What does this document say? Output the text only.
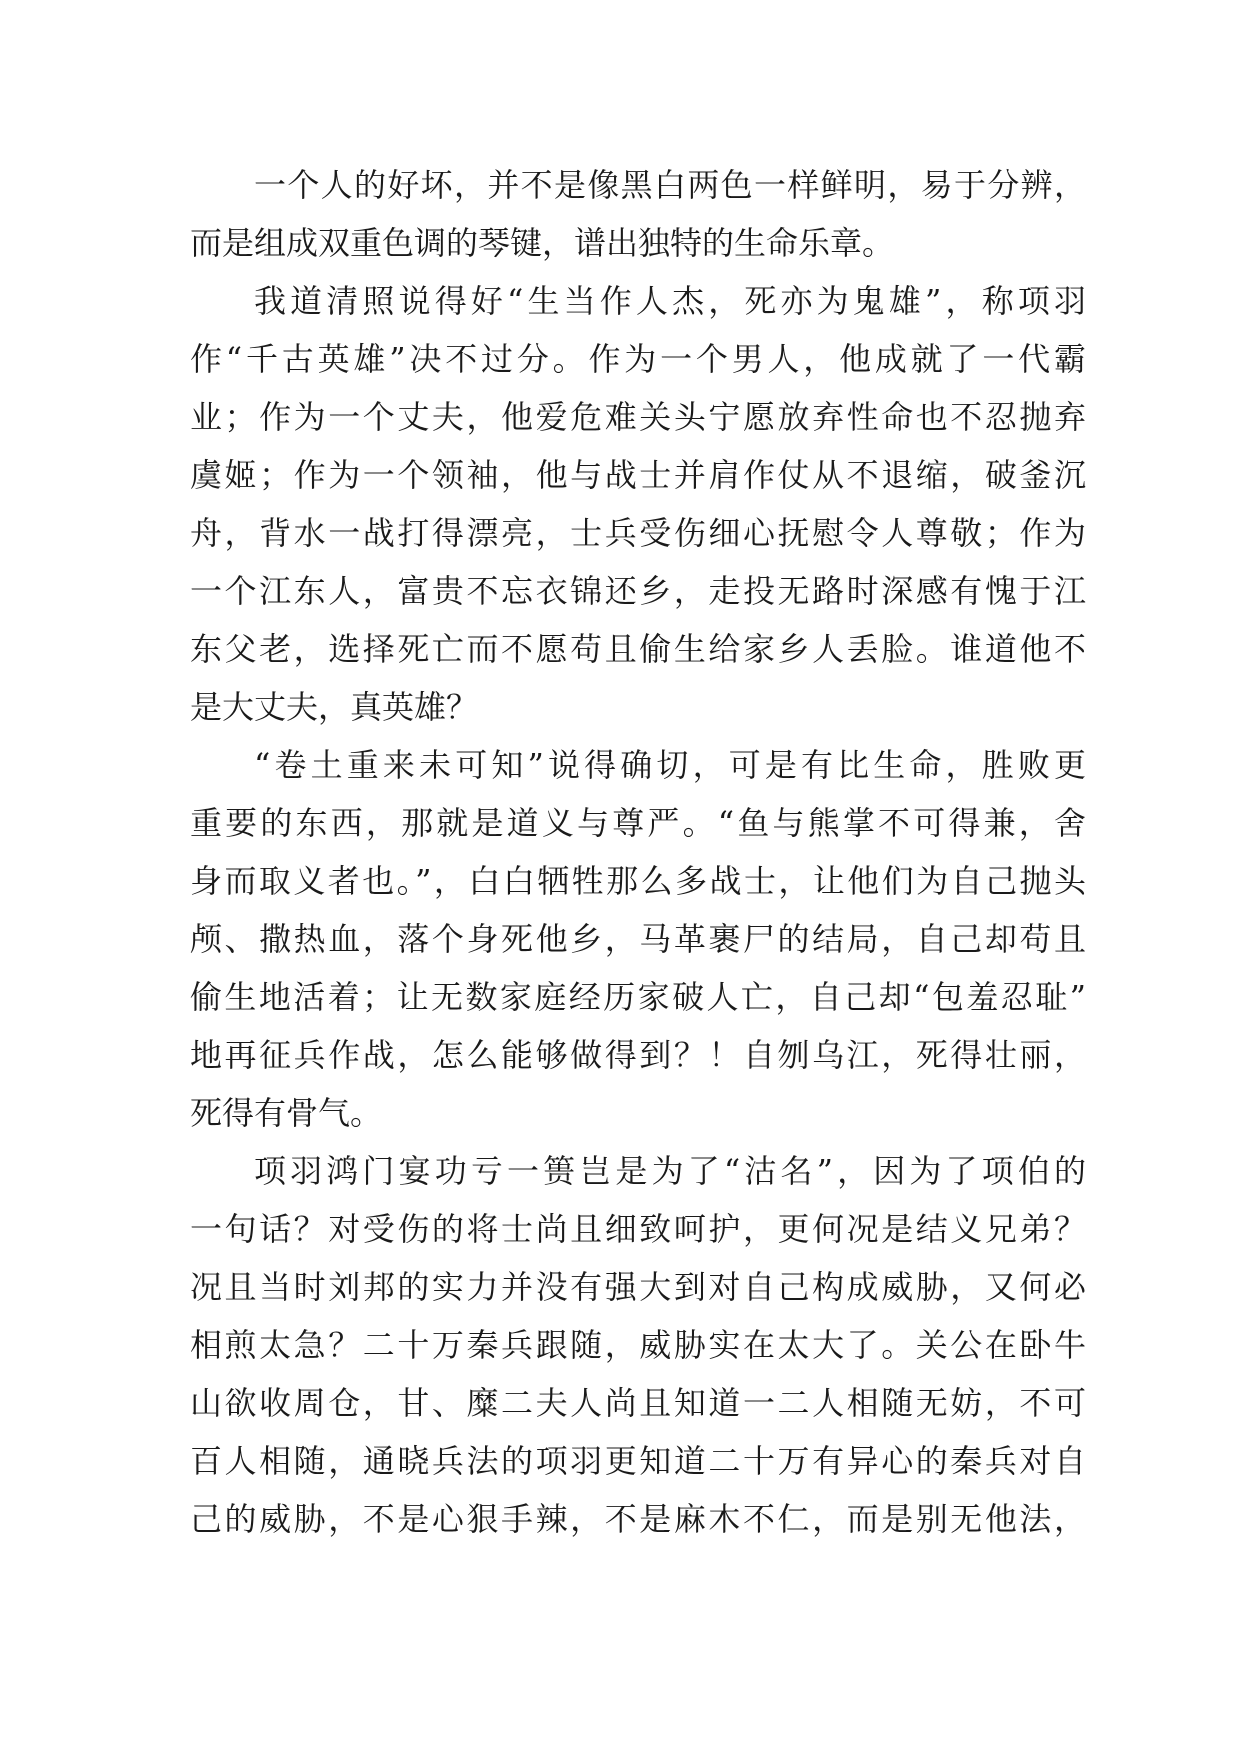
一个人的好坏，并不是像黑白两色一样鲜明，易于分辨，
而是组成双重色调的琴键，谱出独特的生命乐章。
我道清照说得好“生当作人杰，死亦为鬼雄”，称项羽
作“千古英雄”决不过分。作为一个男人，他成就了一代霸
业；作为一个丈夫，他爱危难关头宁愿放弃性命也不忍抛弃
虞姬；作为一个领袖，他与战士并肩作仗从不退缩，破釜沉
舟，背水一战打得漂亮，士兵受伤细心抚慰令人尊敬；作为
一个江东人，富贵不忘衣锦还乡，走投无路时深感有愧于江
东父老，选择死亡而不愿苟且偷生给家乡人丢脸。谁道他不
是大丈夫，真英雄？
“卷土重来未可知”说得确切，可是有比生命，胜败更
重要的东西，那就是道义与尊严。“鱼与熊掌不可得兼，舍
身而取义者也。”，白白牺牲那么多战士，让他们为自己抛头
颅、撒热血，落个身死他乡，马革裹尸的结局，自己却苟且
偷生地活着；让无数家庭经历家破人亡，自己却“包羞忍耻”
地再征兵作战，怎么能够做得到？！自刎乌江，死得壮丽，
死得有骨气。
项羽鸿门宴功亏一篑岂是为了“沽名”，因为了项伯的
一句话？对受伤的将士尚且细致呵护，更何况是结义兄弟？
况且当时刘邦的实力并没有强大到对自己构成威胁，又何必
相煎太急？二十万秦兵跟随，威胁实在太大了。关公在卧牛
山欲收周仓，甘、糜二夫人尚且知道一二人相随无妨，不可
百人相随，通晓兵法的项羽更知道二十万有异心的秦兵对自
己的威胁，不是心狠手辣，不是麻木不仁，而是别无他法，
